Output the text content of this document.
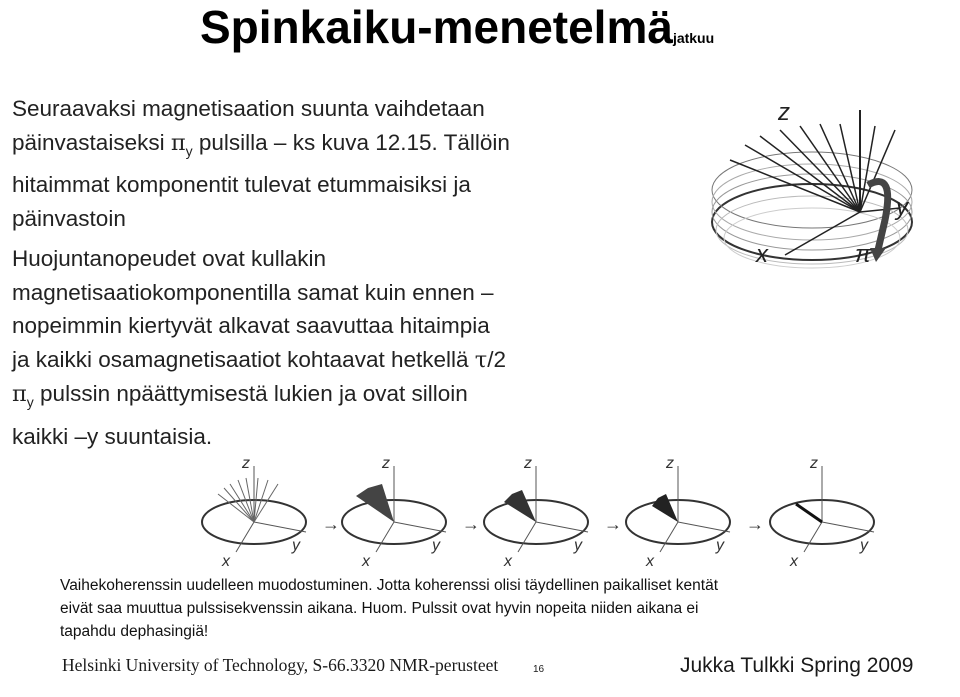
Spinkaiku-menetelmäjatkuu
Seuraavaksi magnetisaation suunta vaihdetaan
päinvastaiseksi $\pi_y$ pulsilla – ks kuva 12.15. Tällöin
hitaimmat komponentit tulevat etummaisiksi ja
päinvastoin
Huojuntanopeudet ovat kullakin
magnetisaatiokomponentilla samat kuin ennen –
nopeimmin kiertyvät alkavat saavuttaa hitaimpia
ja kaikki osamagnetisaatiot kohtaavat hetkellä τ/2
$\pi_y$ pulssin npäättymisestä lukien ja ovat silloin
kaikki –y suuntaisia.
z
y
x	π
z
x
y
→
z
x
y
→
z
x
y
→
z
x
y
→
z
x
y
Vaihekoherenssin uudelleen muodostuminen. Jotta koherenssi olisi täydellinen paikalliset kentät
eivät saa muuttua pulssisekvenssin aikana. Huom. Pulssit ovat hyvin nopeita niiden aikana ei
tapahdu dephasingiä!
Helsinki University of Technology, S-66.3320 NMR-perusteet	16	Jukka Tulkki Spring 2009
